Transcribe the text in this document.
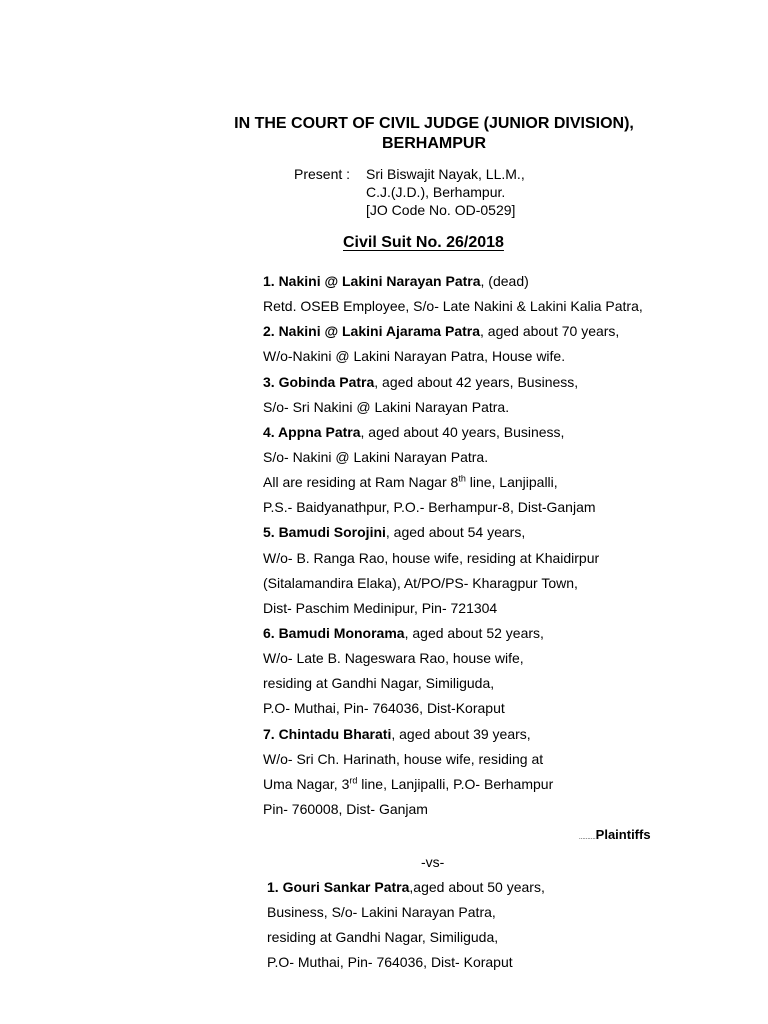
IN THE COURT OF CIVIL JUDGE (JUNIOR DIVISION),
BERHAMPUR
Present :	Sri Biswajit Nayak, LL.M.,
C.J.(J.D.), Berhampur.
[JO Code No. OD-0529]
Civil Suit No. 26/2018
1. Nakini @ Lakini Narayan Patra, (dead)
Retd. OSEB Employee, S/o- Late Nakini & Lakini Kalia Patra,
2. Nakini @ Lakini Ajarama Patra, aged about 70 years,
W/o-Nakini @ Lakini Narayan Patra, House wife.
3. Gobinda Patra, aged about 42 years, Business,
S/o- Sri Nakini @ Lakini Narayan Patra.
4. Appna Patra, aged about 40 years, Business,
S/o- Nakini @ Lakini Narayan Patra.
All are residing at Ram Nagar 8th line, Lanjipalli,
P.S.- Baidyanathpur, P.O.- Berhampur-8, Dist-Ganjam
5. Bamudi Sorojini, aged about 54 years,
W/o- B. Ranga Rao, house wife, residing at Khaidirpur
(Sitalamandira Elaka), At/PO/PS- Kharagpur Town,
Dist- Paschim Medinipur, Pin- 721304
6. Bamudi Monorama, aged about 52 years,
W/o- Late B. Nageswara Rao, house wife,
residing at Gandhi Nagar, Similiguda,
P.O- Muthai, Pin- 764036, Dist-Koraput
7. Chintadu Bharati, aged about 39 years,
W/o- Sri Ch. Harinath, house wife, residing at
Uma Nagar, 3rd line, Lanjipalli, P.O- Berhampur
Pin- 760008, Dist- Ganjam
..........Plaintiffs
-vs-
1. Gouri Sankar Patra,aged about 50 years,
Business, S/o- Lakini Narayan Patra,
residing at Gandhi Nagar, Similiguda,
P.O- Muthai, Pin- 764036, Dist- Koraput
